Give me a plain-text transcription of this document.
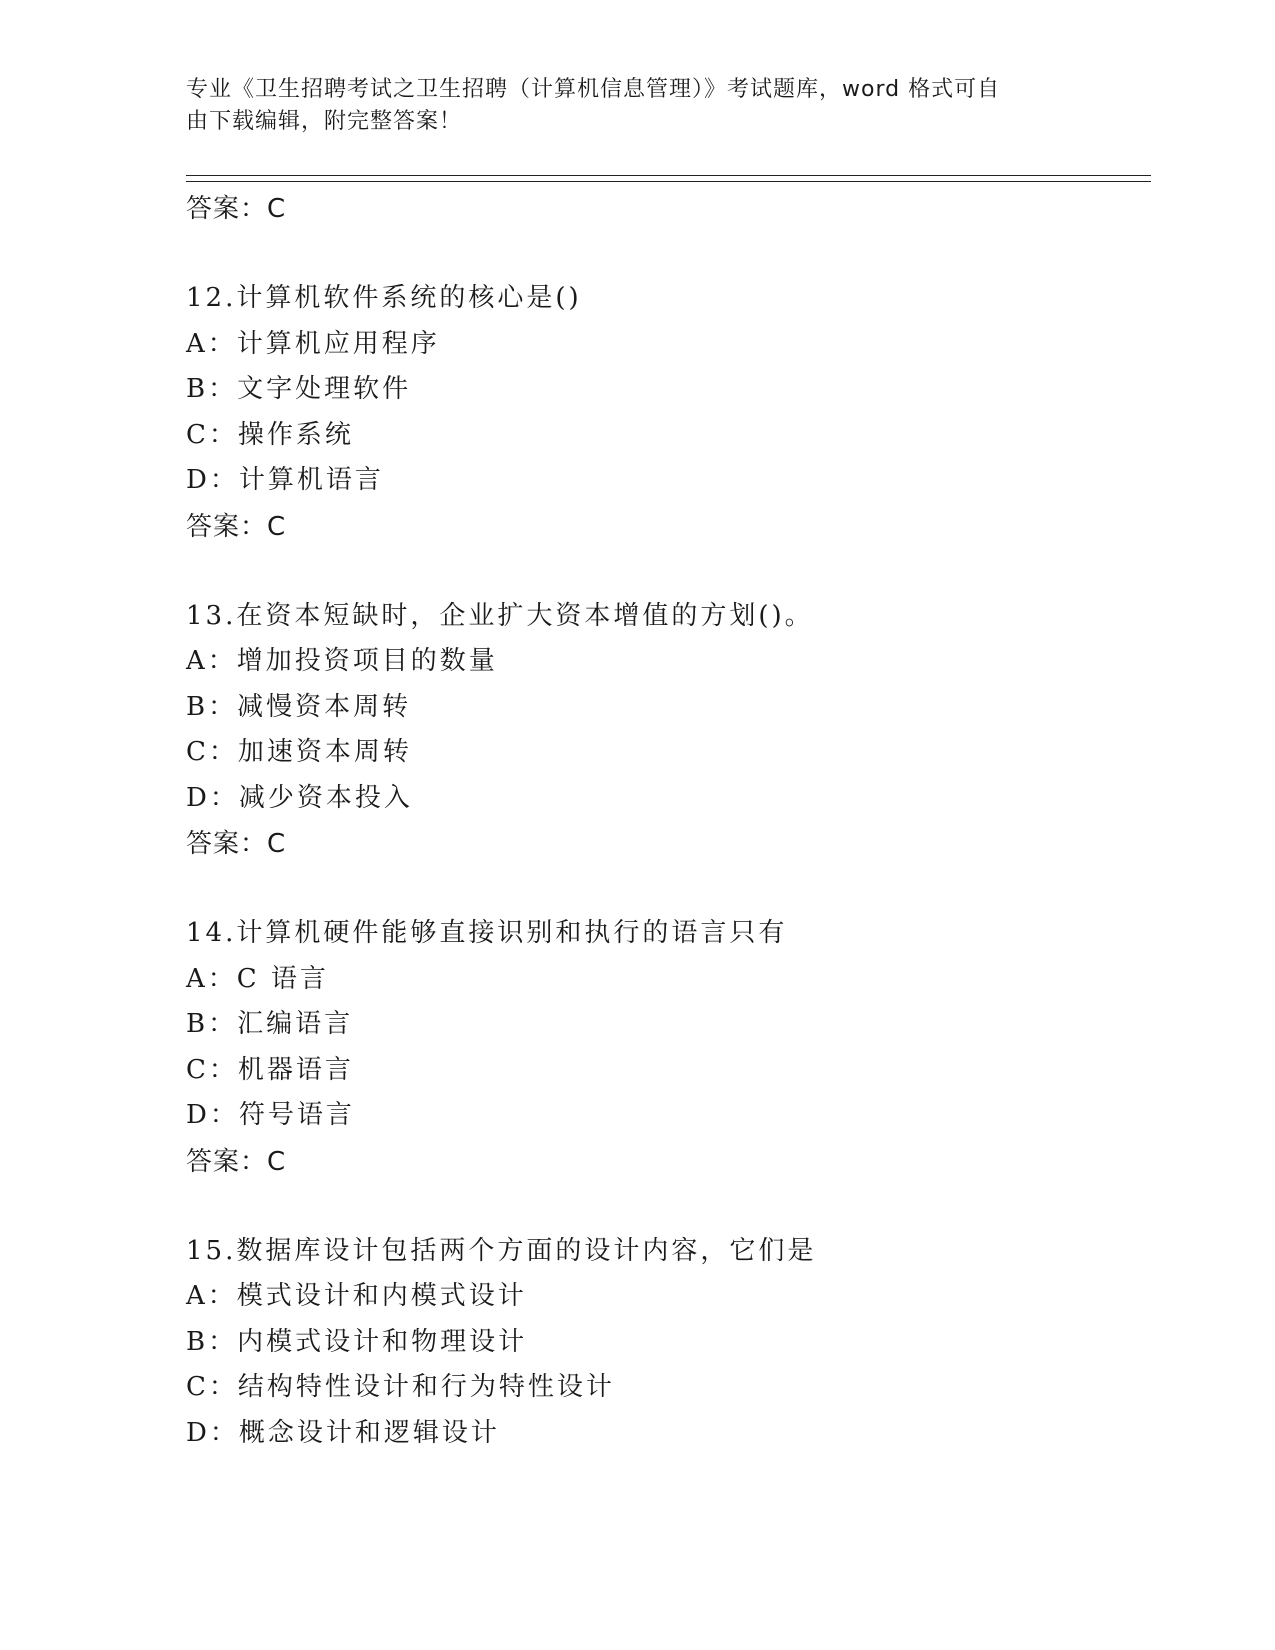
专业《卫生招聘考试之卫生招聘（计算机信息管理）》考试题库，word 格式可自
由下载编辑，附完整答案！
答案：C
12.计算机软件系统的核心是()
A：计算机应用程序
B：文字处理软件
C：操作系统
D：计算机语言
答案：C
13.在资本短缺时，企业扩大资本增值的方划()。
A：增加投资项目的数量
B：减慢资本周转
C：加速资本周转
D：减少资本投入
答案：C
14.计算机硬件能够直接识别和执行的语言只有
A：C 语言
B：汇编语言
C：机器语言
D：符号语言
答案：C
15.数据库设计包括两个方面的设计内容，它们是
A：模式设计和内模式设计
B：内模式设计和物理设计
C：结构特性设计和行为特性设计
D：概念设计和逻辑设计
